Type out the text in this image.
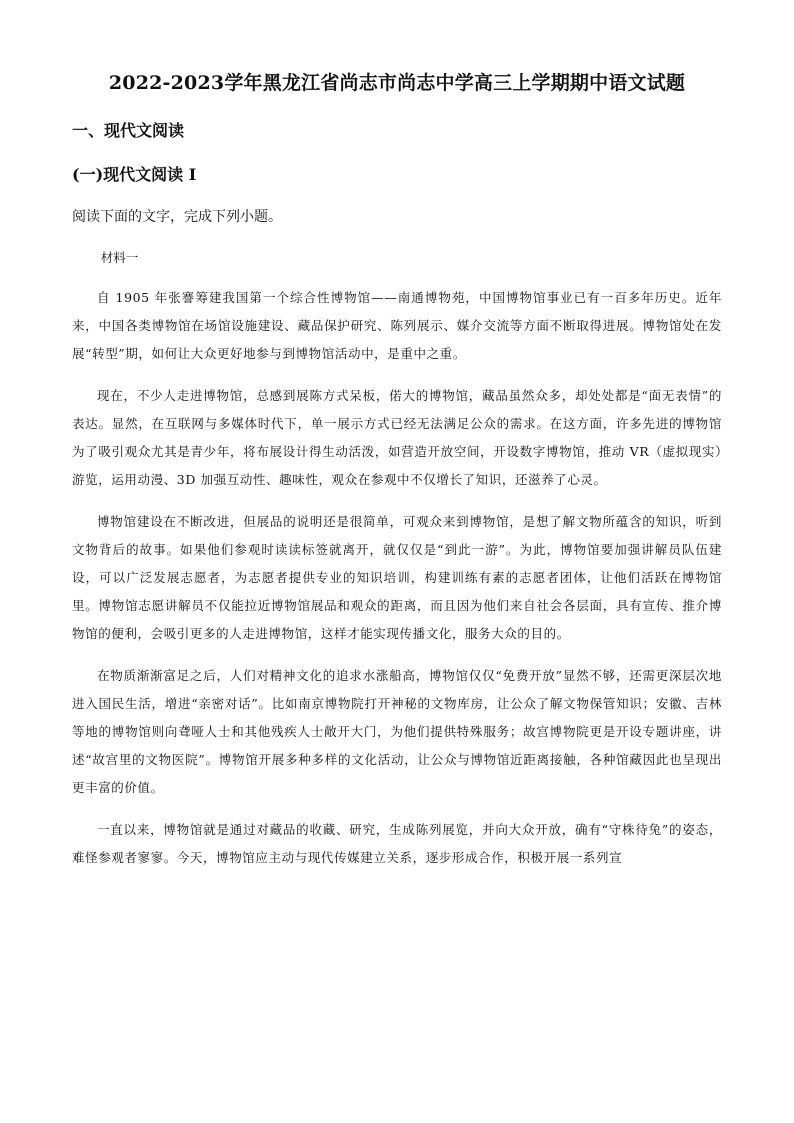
2022-2023学年黑龙江省尚志市尚志中学高三上学期期中语文试题
一、现代文阅读
(一)现代文阅读 I
阅读下面的文字，完成下列小题。
材料一

自 1905 年张謇筹建我国第一个综合性博物馆——南通博物苑，中国博物馆事业已有一百多年历史。近年来，中国各类博物馆在场馆设施建设、藏品保护研究、陈列展示、媒介交流等方面不断取得进展。博物馆处在发展“转型”期，如何让大众更好地参与到博物馆活动中，是重中之重。

现在，不少人走进博物馆，总感到展陈方式呆板，偌大的博物馆，藏品虽然众多，却处处都是“面无表情”的表达。显然，在互联网与多媒体时代下，单一展示方式已经无法满足公众的需求。在这方面，许多先进的博物馆为了吸引观众尤其是青少年，将布展设计得生动活泼，如营造开放空间，开设数字博物馆，推动 VR（虚拟现实）游览，运用动漫、3D 加强互动性、趣味性，观众在参观中不仅增长了知识，还滋养了心灵。

博物馆建设在不断改进，但展品的说明还是很简单，可观众来到博物馆，是想了解文物所蕴含的知识，听到文物背后的故事。如果他们参观时读读标签就离开，就仅仅是“到此一游”。为此，博物馆要加强讲解员队伍建设，可以广泛发展志愿者，为志愿者提供专业的知识培训，构建训练有素的志愿者团体，让他们活跃在博物馆里。博物馆志愿讲解员不仅能拉近博物馆展品和观众的距离，而且因为他们来自社会各层面，具有宣传、推介博物馆的便利，会吸引更多的人走进博物馆，这样才能实现传播文化，服务大众的目的。

在物质渐渐富足之后，人们对精神文化的追求水涨船高，博物馆仅仅“免费开放”显然不够，还需更深层次地进入国民生活，增进“亲密对话”。比如南京博物院打开神秘的文物库房，让公众了解文物保管知识；安徽、吉林等地的博物馆则向聋哑人士和其他残疾人士敞开大门，为他们提供特殊服务；故宫博物院更是开设专题讲座，讲述“故宫里的文物医院”。博物馆开展多种多样的文化活动，让公众与博物馆近距离接触，各种馆藏因此也呈现出更丰富的价值。

一直以来，博物馆就是通过对藏品的收藏、研究，生成陈列展览，并向大众开放，确有“守株待兔”的姿态，难怪参观者寥寥。今天，博物馆应主动与现代传媒建立关系，逐步形成合作，积极开展一系列宣
